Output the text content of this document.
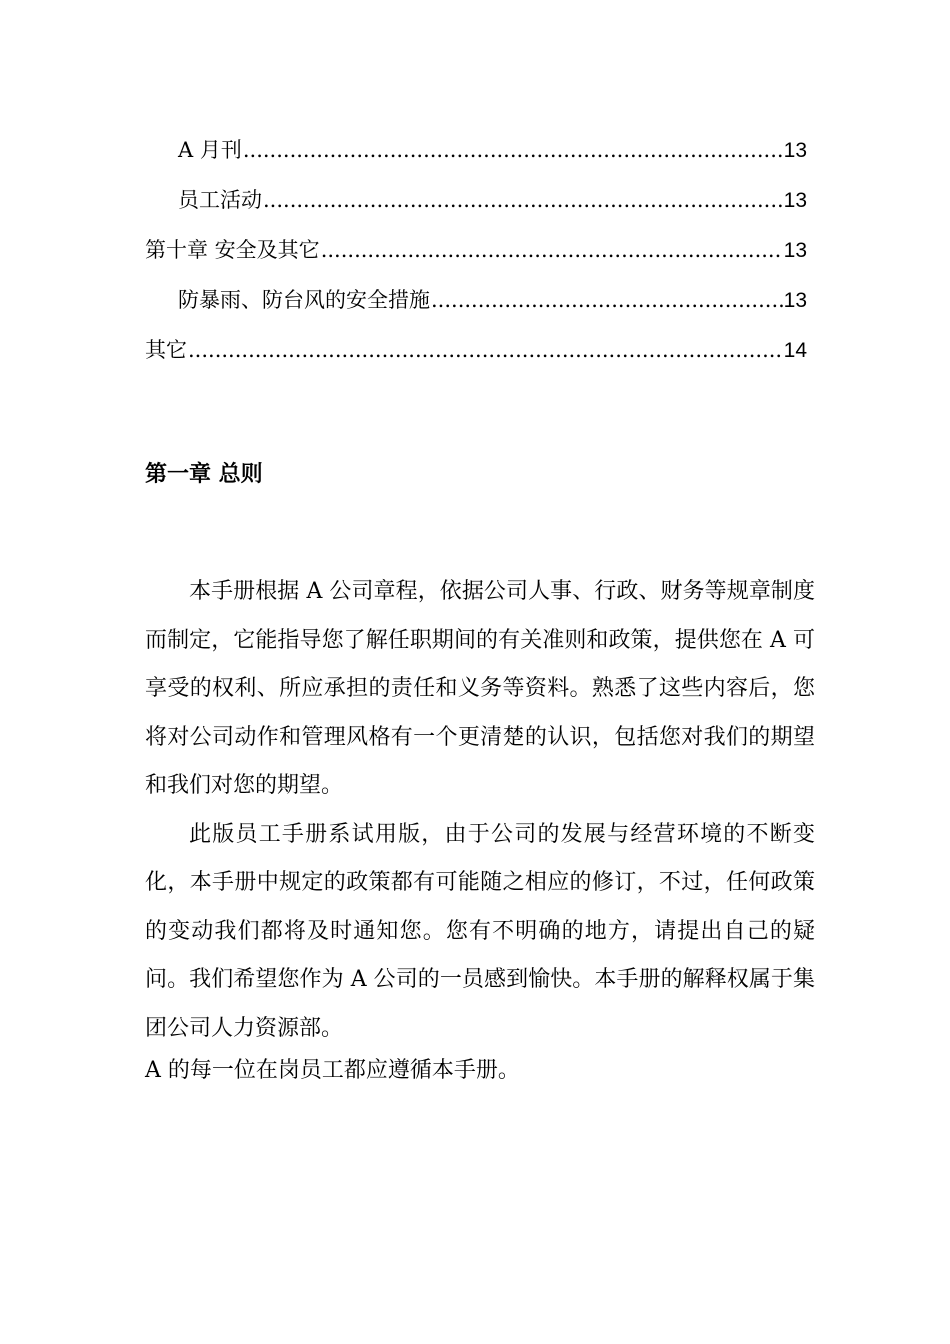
A 月刊 .....	13
员工活动 .....	13
第十章 安全及其它 .....	13
防暴雨、防台风的安全措施 .....	13
其它 .....	14
第一章 总则

本手册根据 A 公司章程，依据公司人事、行政、财务等规章制度而制定，它能指导您了解任职期间的有关准则和政策，提供您在 A 可享受的权利、所应承担的责任和义务等资料。熟悉了这些内容后，您将对公司动作和管理风格有一个更清楚的认识，包括您对我们的期望和我们对您的期望。

此版员工手册系试用版，由于公司的发展与经营环境的不断变化，本手册中规定的政策都有可能随之相应的修订，不过，任何政策的变动我们都将及时通知您。您有不明确的地方，请提出自己的疑问。我们希望您作为 A 公司的一员感到愉快。本手册的解释权属于集团公司人力资源部。

A 的每一位在岗员工都应遵循本手册。
